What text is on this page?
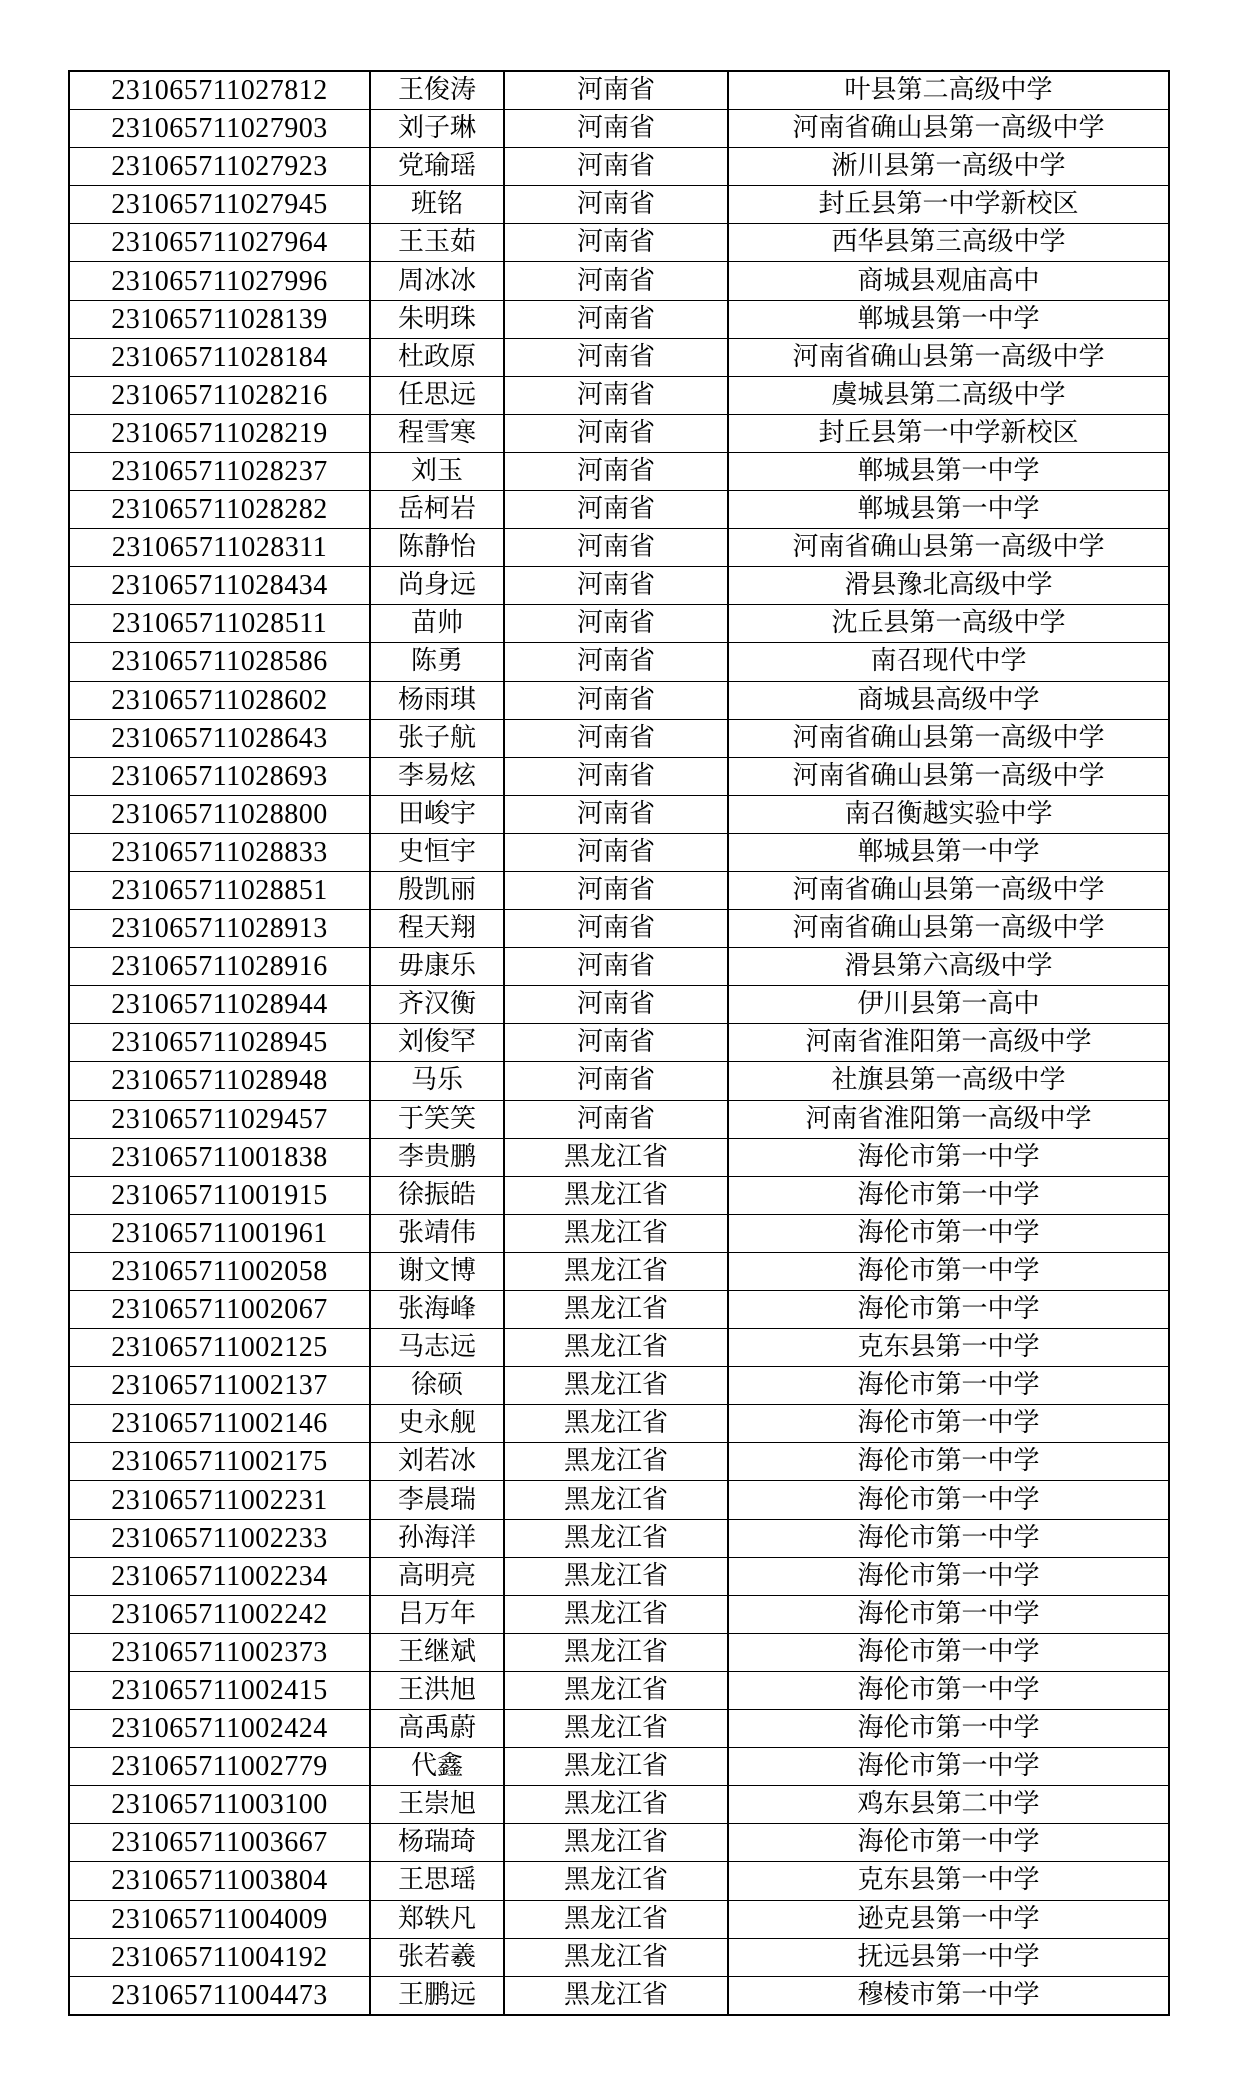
231065711027812	王俊涛	河南省	叶县第二高级中学
231065711027903	刘子琳	河南省	河南省确山县第一高级中学
231065711027923	党瑜瑶	河南省	淅川县第一高级中学
231065711027945	班铭	河南省	封丘县第一中学新校区
231065711027964	王玉茹	河南省	西华县第三高级中学
231065711027996	周冰冰	河南省	商城县观庙高中
231065711028139	朱明珠	河南省	郸城县第一中学
231065711028184	杜政原	河南省	河南省确山县第一高级中学
231065711028216	任思远	河南省	虞城县第二高级中学
231065711028219	程雪寒	河南省	封丘县第一中学新校区
231065711028237	刘玉	河南省	郸城县第一中学
231065711028282	岳柯岩	河南省	郸城县第一中学
231065711028311	陈静怡	河南省	河南省确山县第一高级中学
231065711028434	尚身远	河南省	滑县豫北高级中学
231065711028511	苗帅	河南省	沈丘县第一高级中学
231065711028586	陈勇	河南省	南召现代中学
231065711028602	杨雨琪	河南省	商城县高级中学
231065711028643	张子航	河南省	河南省确山县第一高级中学
231065711028693	李易炫	河南省	河南省确山县第一高级中学
231065711028800	田峻宇	河南省	南召衡越实验中学
231065711028833	史恒宇	河南省	郸城县第一中学
231065711028851	殷凯丽	河南省	河南省确山县第一高级中学
231065711028913	程天翔	河南省	河南省确山县第一高级中学
231065711028916	毋康乐	河南省	滑县第六高级中学
231065711028944	齐汉衡	河南省	伊川县第一高中
231065711028945	刘俊罕	河南省	河南省淮阳第一高级中学
231065711028948	马乐	河南省	社旗县第一高级中学
231065711029457	于笑笑	河南省	河南省淮阳第一高级中学
231065711001838	李贵鹏	黑龙江省	海伦市第一中学
231065711001915	徐振皓	黑龙江省	海伦市第一中学
231065711001961	张靖伟	黑龙江省	海伦市第一中学
231065711002058	谢文博	黑龙江省	海伦市第一中学
231065711002067	张海峰	黑龙江省	海伦市第一中学
231065711002125	马志远	黑龙江省	克东县第一中学
231065711002137	徐硕	黑龙江省	海伦市第一中学
231065711002146	史永舰	黑龙江省	海伦市第一中学
231065711002175	刘若冰	黑龙江省	海伦市第一中学
231065711002231	李晨瑞	黑龙江省	海伦市第一中学
231065711002233	孙海洋	黑龙江省	海伦市第一中学
231065711002234	高明亮	黑龙江省	海伦市第一中学
231065711002242	吕万年	黑龙江省	海伦市第一中学
231065711002373	王继斌	黑龙江省	海伦市第一中学
231065711002415	王洪旭	黑龙江省	海伦市第一中学
231065711002424	高禹蔚	黑龙江省	海伦市第一中学
231065711002779	代鑫	黑龙江省	海伦市第一中学
231065711003100	王崇旭	黑龙江省	鸡东县第二中学
231065711003667	杨瑞琦	黑龙江省	海伦市第一中学
231065711003804	王思瑶	黑龙江省	克东县第一中学
231065711004009	郑轶凡	黑龙江省	逊克县第一中学
231065711004192	张若羲	黑龙江省	抚远县第一中学
231065711004473	王鹏远	黑龙江省	穆棱市第一中学
